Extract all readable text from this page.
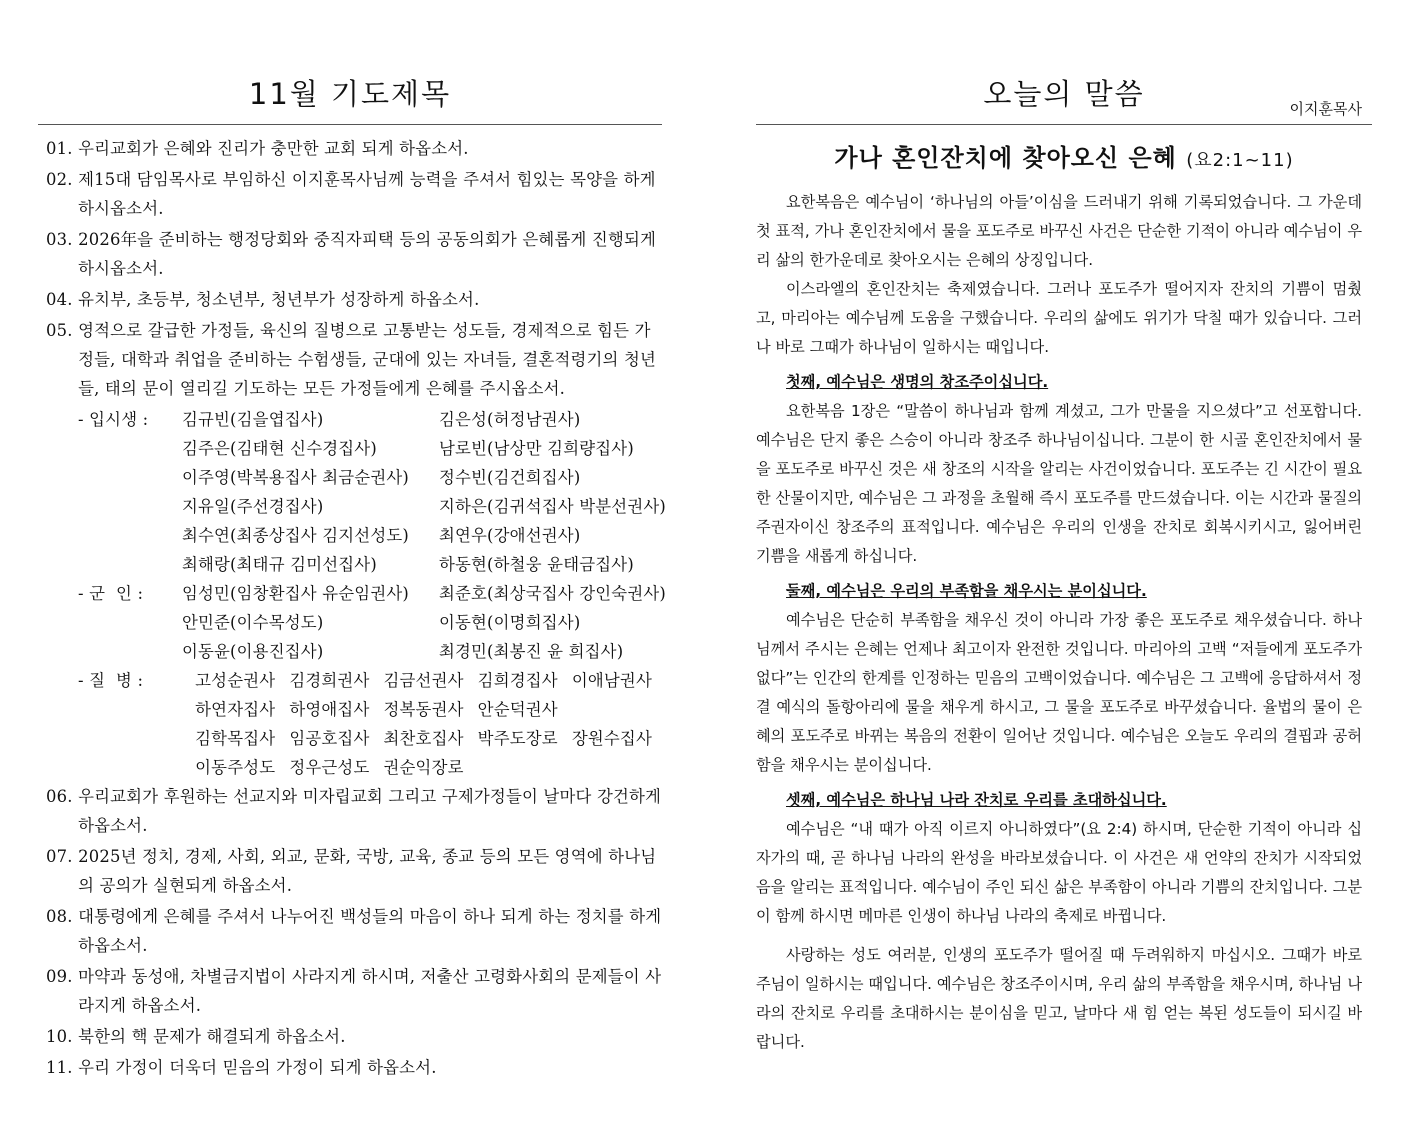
11월 기도제목
01. 우리교회가 은혜와 진리가 충만한 교회 되게 하옵소서.
02. 제15대 담임목사로 부임하신 이지훈목사님께 능력을 주셔서 힘있는 목양을 하게 하시옵소서.
03. 2026年을 준비하는 행정당회와 중직자피택 등의 공동의회가 은혜롭게 진행되게 하시옵소서.
04. 유치부, 초등부, 청소년부, 청년부가 성장하게 하옵소서.
05. 영적으로 갈급한 가정들, 육신의 질병으로 고통받는 성도들, 경제적으로 힘든 가정들, 대학과 취업을 준비하는 수험생들, 군대에 있는 자녀들, 결혼적령기의 청년들, 태의 문이 열리길 기도하는 모든 가정들에게 은혜를 주시옵소서.
- 입시생 :	김규빈(김을엽집사)	김은성(허정남권사)
김주은(김태현 신수경집사)	남로빈(남상만 김희량집사)
이주영(박복용집사 최금순권사)	정수빈(김건희집사)
지유일(주선경집사)	지하은(김귀석집사 박분선권사)
최수연(최종상집사 김지선성도)	최연우(강애선권사)
최해랑(최태규 김미선집사)	하동현(하철웅 윤태금집사)
- 군  인 :	임성민(임창환집사 유순임권사)	최준호(최상국집사 강인숙권사)
안민준(이수목성도)	이동현(이명희집사)
이동윤(이용진집사)	최경민(최봉진 윤 희집사)
- 질  병 :	고성순권사 김경희권사 김금선권사 김희경집사 이애남권사
하연자집사 하영애집사 정복동권사 안순덕권사
김학목집사 임공호집사 최찬호집사 박주도장로 장원수집사
이동주성도 정우근성도 권순익장로
06. 우리교회가 후원하는 선교지와 미자립교회 그리고 구제가정들이 날마다 강건하게 하옵소서.
07. 2025년 정치, 경제, 사회, 외교, 문화, 국방, 교육, 종교 등의 모든 영역에 하나님의 공의가 실현되게 하옵소서.
08. 대통령에게 은혜를 주셔서 나누어진 백성들의 마음이 하나 되게 하는 정치를 하게 하옵소서.
09. 마약과 동성애, 차별금지법이 사라지게 하시며, 저출산 고령화사회의 문제들이 사라지게 하옵소서.
10. 북한의 핵 문제가 해결되게 하옵소서.
11. 우리 가정이 더욱더 믿음의 가정이 되게 하옵소서.
오늘의 말씀	이지훈목사
가나 혼인잔치에 찾아오신 은혜 (요2:1~11)

요한복음은 예수님이 ‘하나님의 아들’이심을 드러내기 위해 기록되었습니다. 그 가운데 첫 표적, 가나 혼인잔치에서 물을 포도주로 바꾸신 사건은 단순한 기적이 아니라 예수님이 우리 삶의 한가운데로 찾아오시는 은혜의 상징입니다.

이스라엘의 혼인잔치는 축제였습니다. 그러나 포도주가 떨어지자 잔치의 기쁨이 멈췄고, 마리아는 예수님께 도움을 구했습니다. 우리의 삶에도 위기가 닥칠 때가 있습니다. 그러나 바로 그때가 하나님이 일하시는 때입니다.

첫째, 예수님은 생명의 창조주이십니다.

요한복음 1장은 “말씀이 하나님과 함께 계셨고, 그가 만물을 지으셨다”고 선포합니다. 예수님은 단지 좋은 스승이 아니라 창조주 하나님이십니다. 그분이 한 시골 혼인잔치에서 물을 포도주로 바꾸신 것은 새 창조의 시작을 알리는 사건이었습니다. 포도주는 긴 시간이 필요한 산물이지만, 예수님은 그 과정을 초월해 즉시 포도주를 만드셨습니다. 이는 시간과 물질의 주권자이신 창조주의 표적입니다. 예수님은 우리의 인생을 잔치로 회복시키시고, 잃어버린 기쁨을 새롭게 하십니다.

둘째, 예수님은 우리의 부족함을 채우시는 분이십니다.

예수님은 단순히 부족함을 채우신 것이 아니라 가장 좋은 포도주로 채우셨습니다. 하나님께서 주시는 은혜는 언제나 최고이자 완전한 것입니다. 마리아의 고백 “저들에게 포도주가 없다”는 인간의 한계를 인정하는 믿음의 고백이었습니다. 예수님은 그 고백에 응답하셔서 정결 예식의 돌항아리에 물을 채우게 하시고, 그 물을 포도주로 바꾸셨습니다. 율법의 물이 은혜의 포도주로 바뀌는 복음의 전환이 일어난 것입니다. 예수님은 오늘도 우리의 결핍과 공허함을 채우시는 분이십니다.

셋째, 예수님은 하나님 나라 잔치로 우리를 초대하십니다.

예수님은 “내 때가 아직 이르지 아니하였다”(요 2:4) 하시며, 단순한 기적이 아니라 십자가의 때, 곧 하나님 나라의 완성을 바라보셨습니다. 이 사건은 새 언약의 잔치가 시작되었음을 알리는 표적입니다. 예수님이 주인 되신 삶은 부족함이 아니라 기쁨의 잔치입니다. 그분이 함께 하시면 메마른 인생이 하나님 나라의 축제로 바뀝니다.

사랑하는 성도 여러분, 인생의 포도주가 떨어질 때 두려워하지 마십시오. 그때가 바로 주님이 일하시는 때입니다. 예수님은 창조주이시며, 우리 삶의 부족함을 채우시며, 하나님 나라의 잔치로 우리를 초대하시는 분이심을 믿고, 날마다 새 힘 얻는 복된 성도들이 되시길 바랍니다.
